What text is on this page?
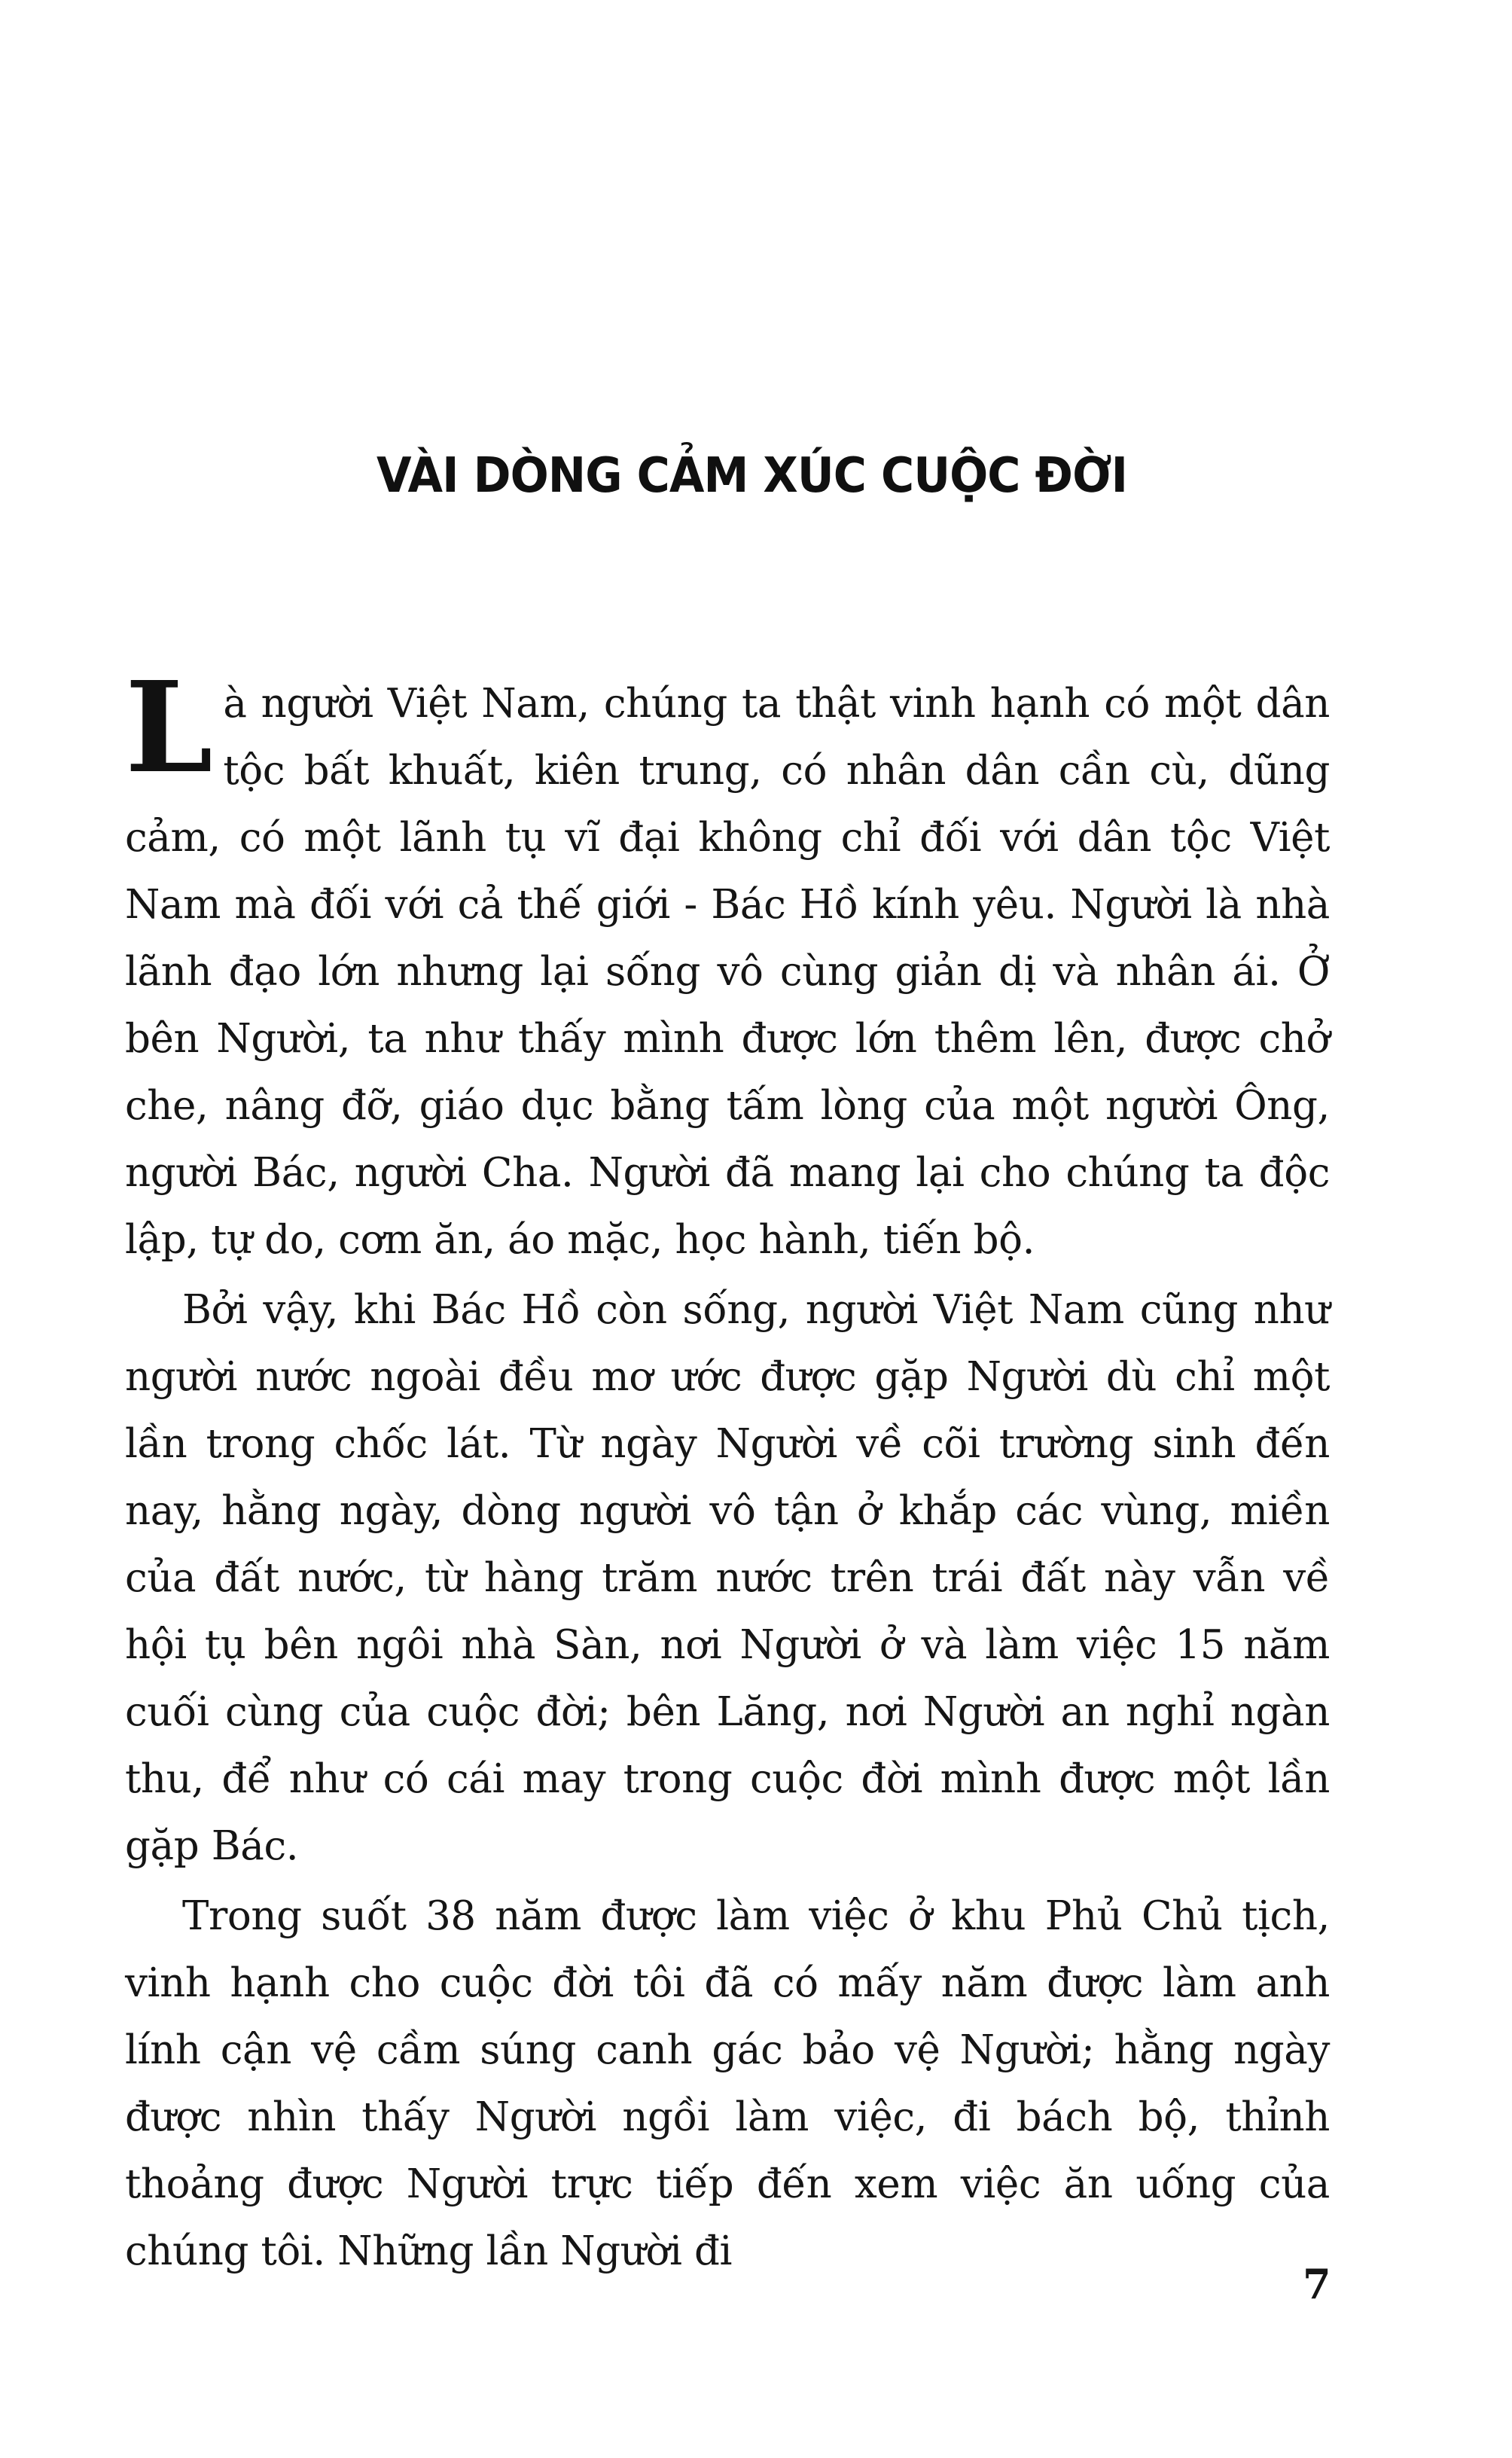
VÀI DÒNG CẢM XÚC CUỘC ĐỜI

Là người Việt Nam, chúng ta thật vinh hạnh có một dân tộc bất khuất, kiên trung, có nhân dân cần cù, dũng cảm, có một lãnh tụ vĩ đại không chỉ đối với dân tộc Việt Nam mà đối với cả thế giới - Bác Hồ kính yêu. Người là nhà lãnh đạo lớn nhưng lại sống vô cùng giản dị và nhân ái. Ở bên Người, ta như thấy mình được lớn thêm lên, được chở che, nâng đỡ, giáo dục bằng tấm lòng của một người Ông, người Bác, người Cha. Người đã mang lại cho chúng ta độc lập, tự do, cơm ăn, áo mặc, học hành, tiến bộ.

Bởi vậy, khi Bác Hồ còn sống, người Việt Nam cũng như người nước ngoài đều mơ ước được gặp Người dù chỉ một lần trong chốc lát. Từ ngày Người về cõi trường sinh đến nay, hằng ngày, dòng người vô tận ở khắp các vùng, miền của đất nước, từ hàng trăm nước trên trái đất này vẫn về hội tụ bên ngôi nhà Sàn, nơi Người ở và làm việc 15 năm cuối cùng của cuộc đời; bên Lăng, nơi Người an nghỉ ngàn thu, để như có cái may trong cuộc đời mình được một lần gặp Bác.

Trong suốt 38 năm được làm việc ở khu Phủ Chủ tịch, vinh hạnh cho cuộc đời tôi đã có mấy năm được làm anh lính cận vệ cầm súng canh gác bảo vệ Người; hằng ngày được nhìn thấy Người ngồi làm việc, đi bách bộ, thỉnh thoảng được Người trực tiếp đến xem việc ăn uống của chúng tôi. Những lần Người đi

7
